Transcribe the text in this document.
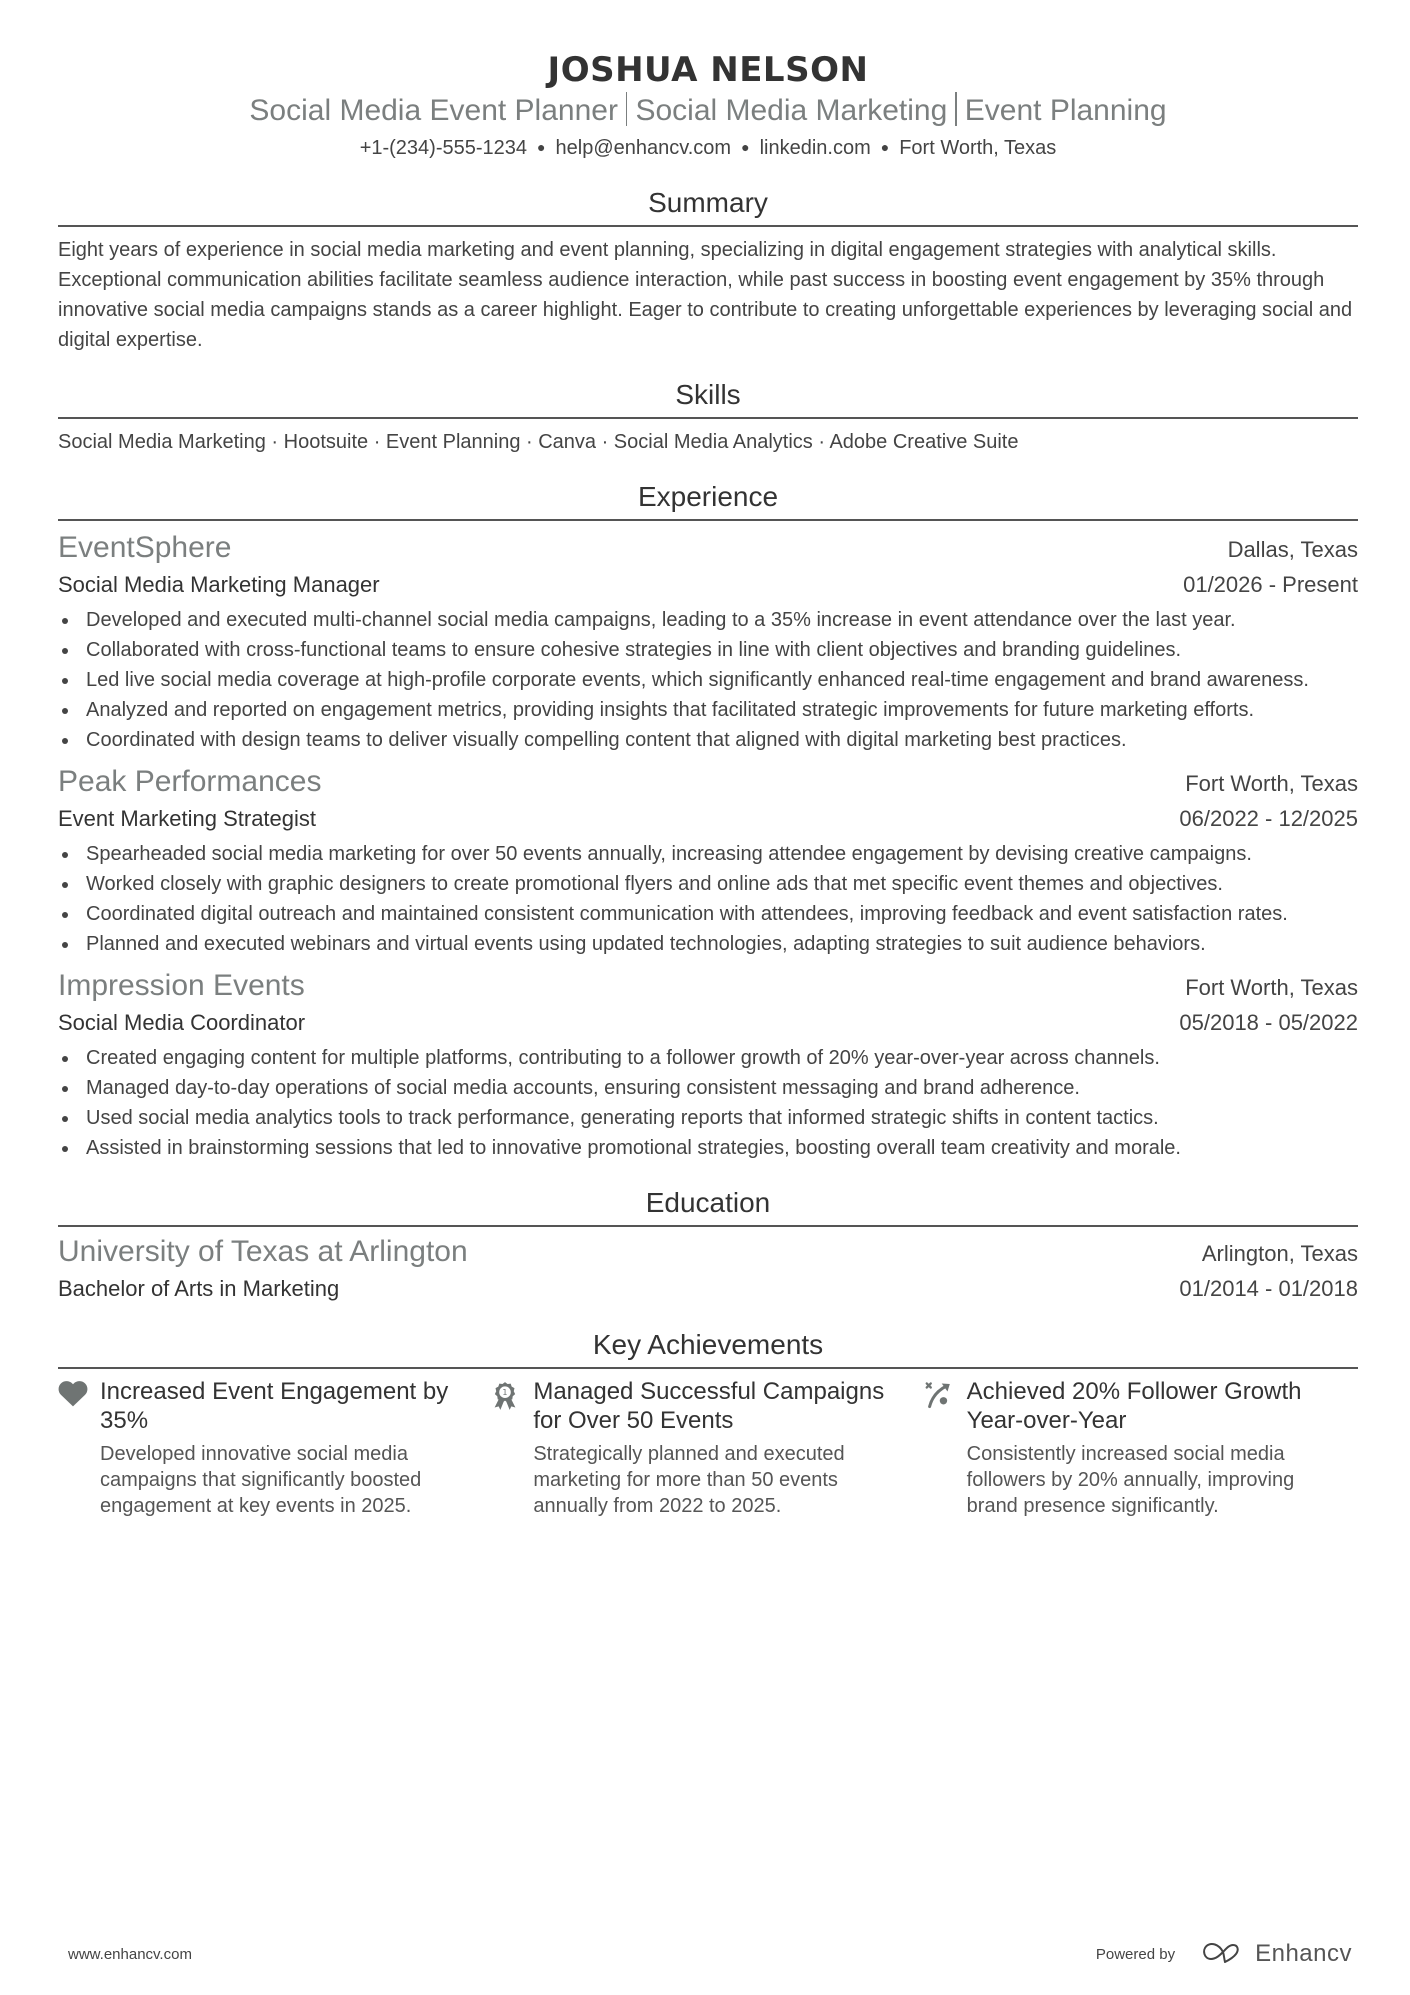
JOSHUA NELSON
Social Media Event Planner Social Media Marketing Event Planning
+1-(234)-555-1234 ● help@enhancv.com ● linkedin.com ● Fort Worth, Texas
Summary

Eight years of experience in social media marketing and event planning, specializing in digital engagement strategies with analytical skills. Exceptional communication abilities facilitate seamless audience interaction, while past success in boosting event engagement by 35% through innovative social media campaigns stands as a career highlight. Eager to contribute to creating unforgettable experiences by leveraging social and digital expertise.

Skills

Social Media Marketing · Hootsuite · Event Planning · Canva · Social Media Analytics · Adobe Creative Suite

Experience
EventSphere	Dallas, Texas
Social Media Marketing Manager	01/2026 - Present
Developed and executed multi-channel social media campaigns, leading to a 35% increase in event attendance over the last year.
Collaborated with cross-functional teams to ensure cohesive strategies in line with client objectives and branding guidelines.
Led live social media coverage at high-profile corporate events, which significantly enhanced real-time engagement and brand awareness.
Analyzed and reported on engagement metrics, providing insights that facilitated strategic improvements for future marketing efforts.
Coordinated with design teams to deliver visually compelling content that aligned with digital marketing best practices.
Peak Performances	Fort Worth, Texas
Event Marketing Strategist	06/2022 - 12/2025
Spearheaded social media marketing for over 50 events annually, increasing attendee engagement by devising creative campaigns.
Worked closely with graphic designers to create promotional flyers and online ads that met specific event themes and objectives.
Coordinated digital outreach and maintained consistent communication with attendees, improving feedback and event satisfaction rates.
Planned and executed webinars and virtual events using updated technologies, adapting strategies to suit audience behaviors.
Impression Events	Fort Worth, Texas
Social Media Coordinator	05/2018 - 05/2022
Created engaging content for multiple platforms, contributing to a follower growth of 20% year-over-year across channels.
Managed day-to-day operations of social media accounts, ensuring consistent messaging and brand adherence.
Used social media analytics tools to track performance, generating reports that informed strategic shifts in content tactics.
Assisted in brainstorming sessions that led to innovative promotional strategies, boosting overall team creativity and morale.
Education
University of Texas at Arlington	Arlington, Texas
Bachelor of Arts in Marketing	01/2014 - 01/2018
Key Achievements
Increased Event Engagement by 35%
Developed innovative social media campaigns that significantly boosted engagement at key events in 2025.
1 Managed Successful Campaigns for Over 50 Events
Strategically planned and executed marketing for more than 50 events annually from 2022 to 2025.
Achieved 20% Follower Growth Year-over-Year
Consistently increased social media followers by 20% annually, improving brand presence significantly.
www.enhancv.com	Powered by	Enhancv
